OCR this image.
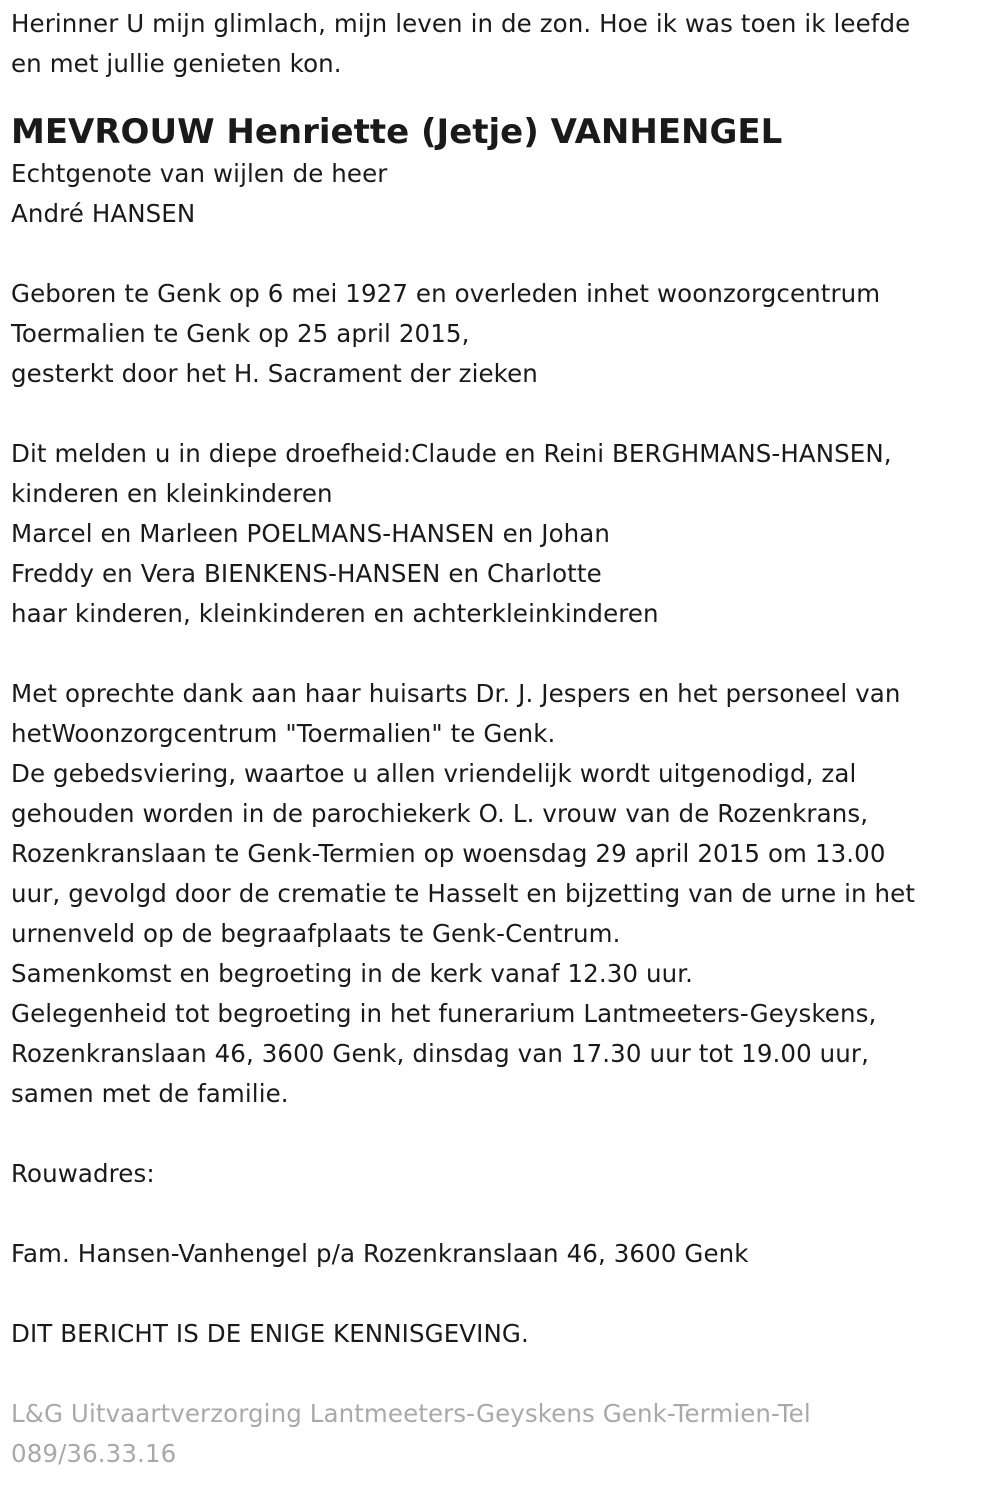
Herinner U mijn glimlach, mijn leven in de zon. Hoe ik was toen ik leefde
en met jullie genieten kon.
MEVROUW Henriette (Jetje) VANHENGEL
Echtgenote van wijlen de heer
André HANSEN
Geboren te Genk op 6 mei 1927 en overleden inhet woonzorgcentrum
Toermalien te Genk op 25 april 2015,
gesterkt door het H. Sacrament der zieken
Dit melden u in diepe droefheid:Claude en Reini BERGHMANS-HANSEN,
kinderen en kleinkinderen
Marcel en Marleen POELMANS-HANSEN en Johan
Freddy en Vera BIENKENS-HANSEN en Charlotte
haar kinderen, kleinkinderen en achterkleinkinderen
Met oprechte dank aan haar huisarts Dr. J. Jespers en het personeel van
hetWoonzorgcentrum "Toermalien" te Genk.
De gebedsviering, waartoe u allen vriendelijk wordt uitgenodigd, zal
gehouden worden in de parochiekerk O. L. vrouw van de Rozenkrans,
Rozenkranslaan te Genk-Termien op woensdag 29 april 2015 om 13.00
uur, gevolgd door de crematie te Hasselt en bijzetting van de urne in het
urnenveld op de begraafplaats te Genk-Centrum.
Samenkomst en begroeting in de kerk vanaf 12.30 uur.
Gelegenheid tot begroeting in het funerarium Lantmeeters-Geyskens,
Rozenkranslaan 46, 3600 Genk, dinsdag van 17.30 uur tot 19.00 uur,
samen met de familie.
Rouwadres:
Fam. Hansen-Vanhengel p/a Rozenkranslaan 46, 3600 Genk
DIT BERICHT IS DE ENIGE KENNISGEVING.
L&G Uitvaartverzorging Lantmeeters-Geyskens Genk-Termien-Tel
089/36.33.16
